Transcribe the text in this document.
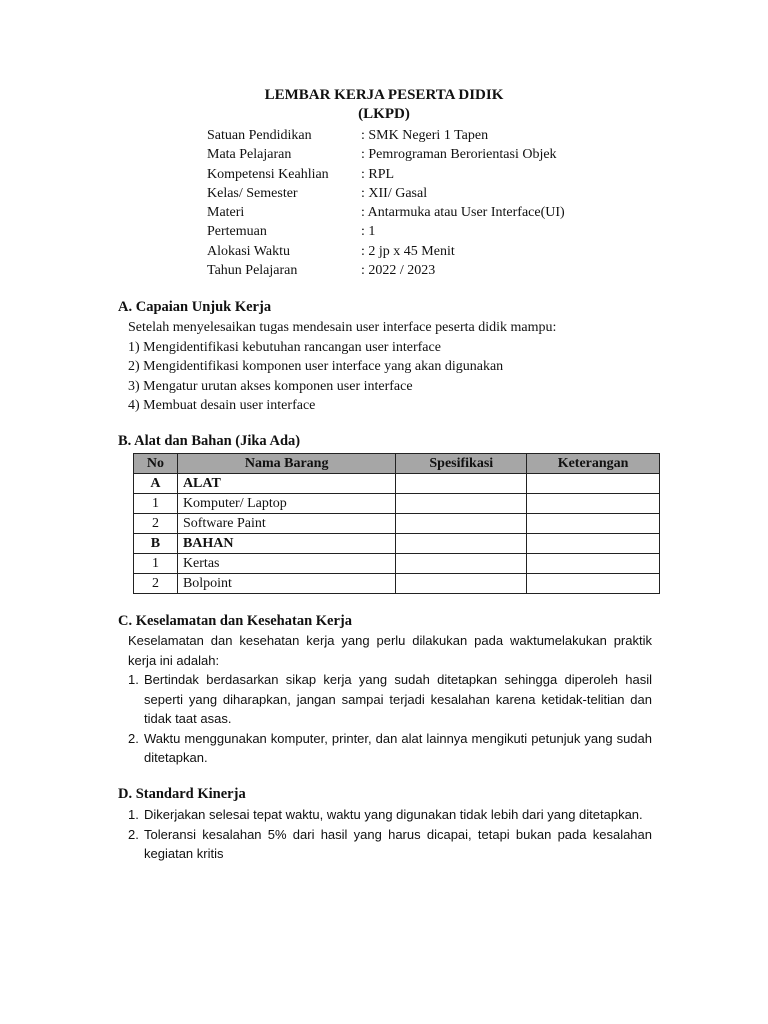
LEMBAR KERJA PESERTA DIDIK
(LKPD)
Satuan Pendidikan	: SMK Negeri 1 Tapen
Mata Pelajaran	: Pemrograman Berorientasi Objek
Kompetensi Keahlian	: RPL
Kelas/ Semester	: XII/ Gasal
Materi	: Antarmuka atau User Interface(UI)
Pertemuan	: 1
Alokasi Waktu	: 2 jp x 45 Menit
Tahun Pelajaran	: 2022 / 2023
A. Capaian Unjuk Kerja
Setelah menyelesaikan tugas mendesain user interface peserta didik mampu:
1) Mengidentifikasi kebutuhan rancangan user interface
2) Mengidentifikasi komponen user interface yang akan digunakan
3) Mengatur urutan akses komponen user interface
4) Membuat desain user interface
B. Alat dan Bahan (Jika Ada)
No	Nama Barang	Spesifikasi	Keterangan
A	ALAT		
1	Komputer/ Laptop		
2	Software Paint		
B	BAHAN		
1	Kertas		
2	Bolpoint		
C. Keselamatan dan Kesehatan Kerja
Keselamatan dan kesehatan kerja yang perlu dilakukan pada waktumelakukan praktik kerja ini adalah:
1. Bertindak berdasarkan sikap kerja yang sudah ditetapkan sehingga diperoleh hasil seperti yang diharapkan, jangan sampai terjadi kesalahan karena ketidak-telitian dan tidak taat asas.
2. Waktu menggunakan komputer, printer, dan alat lainnya mengikuti petunjuk yang sudah ditetapkan.
D. Standard Kinerja
1. Dikerjakan selesai tepat waktu, waktu yang digunakan tidak lebih dari yang ditetapkan.
2. Toleransi kesalahan 5% dari hasil yang harus dicapai, tetapi bukan pada kesalahan kegiatan kritis
